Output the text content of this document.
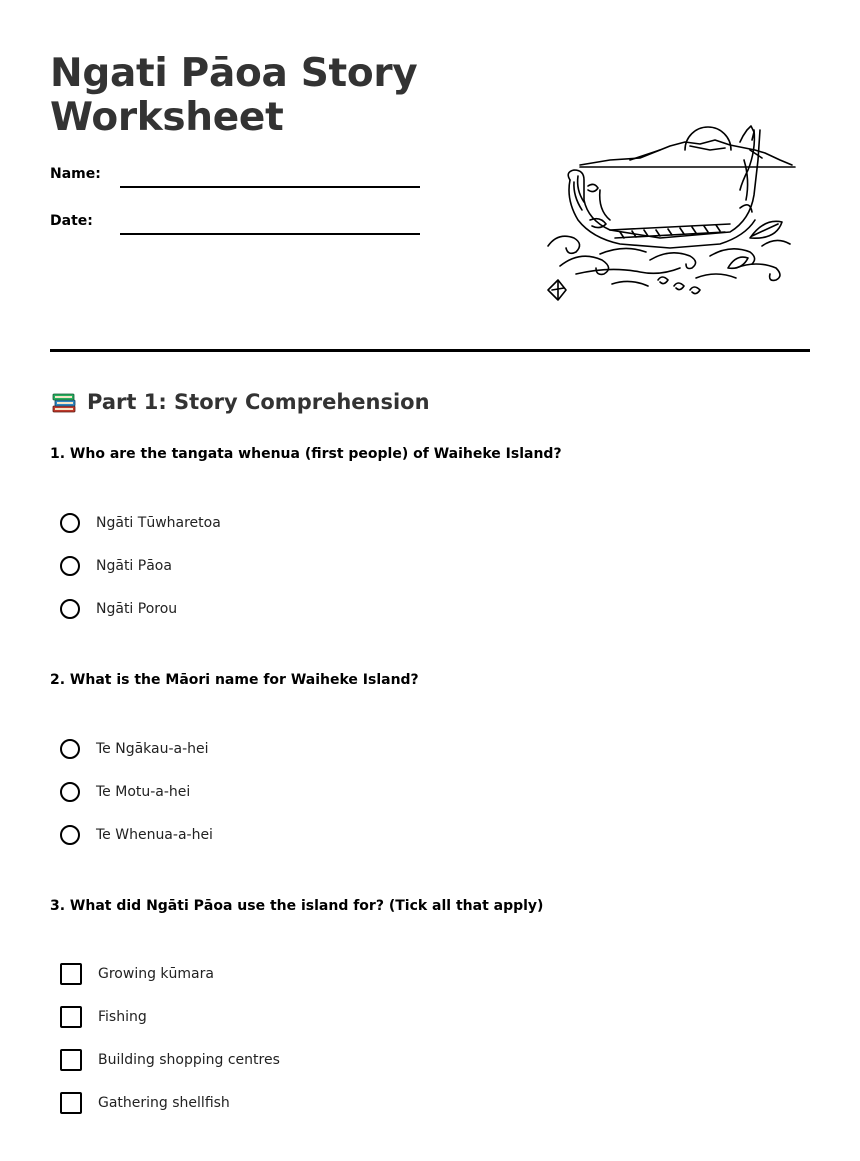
Ngati Pāoa Story Worksheet
Name:
Date:
Part 1: Story Comprehension

1. Who are the tangata whenua (first people) of Waiheke Island?

Ngāti Tūwharetoa
Ngāti Pāoa
Ngāti Porou

2. What is the Māori name for Waiheke Island?

Te Ngākau-a-hei
Te Motu-a-hei
Te Whenua-a-hei

3. What did Ngāti Pāoa use the island for? (Tick all that apply)

Growing kūmara
Fishing
Building shopping centres
Gathering shellfish
